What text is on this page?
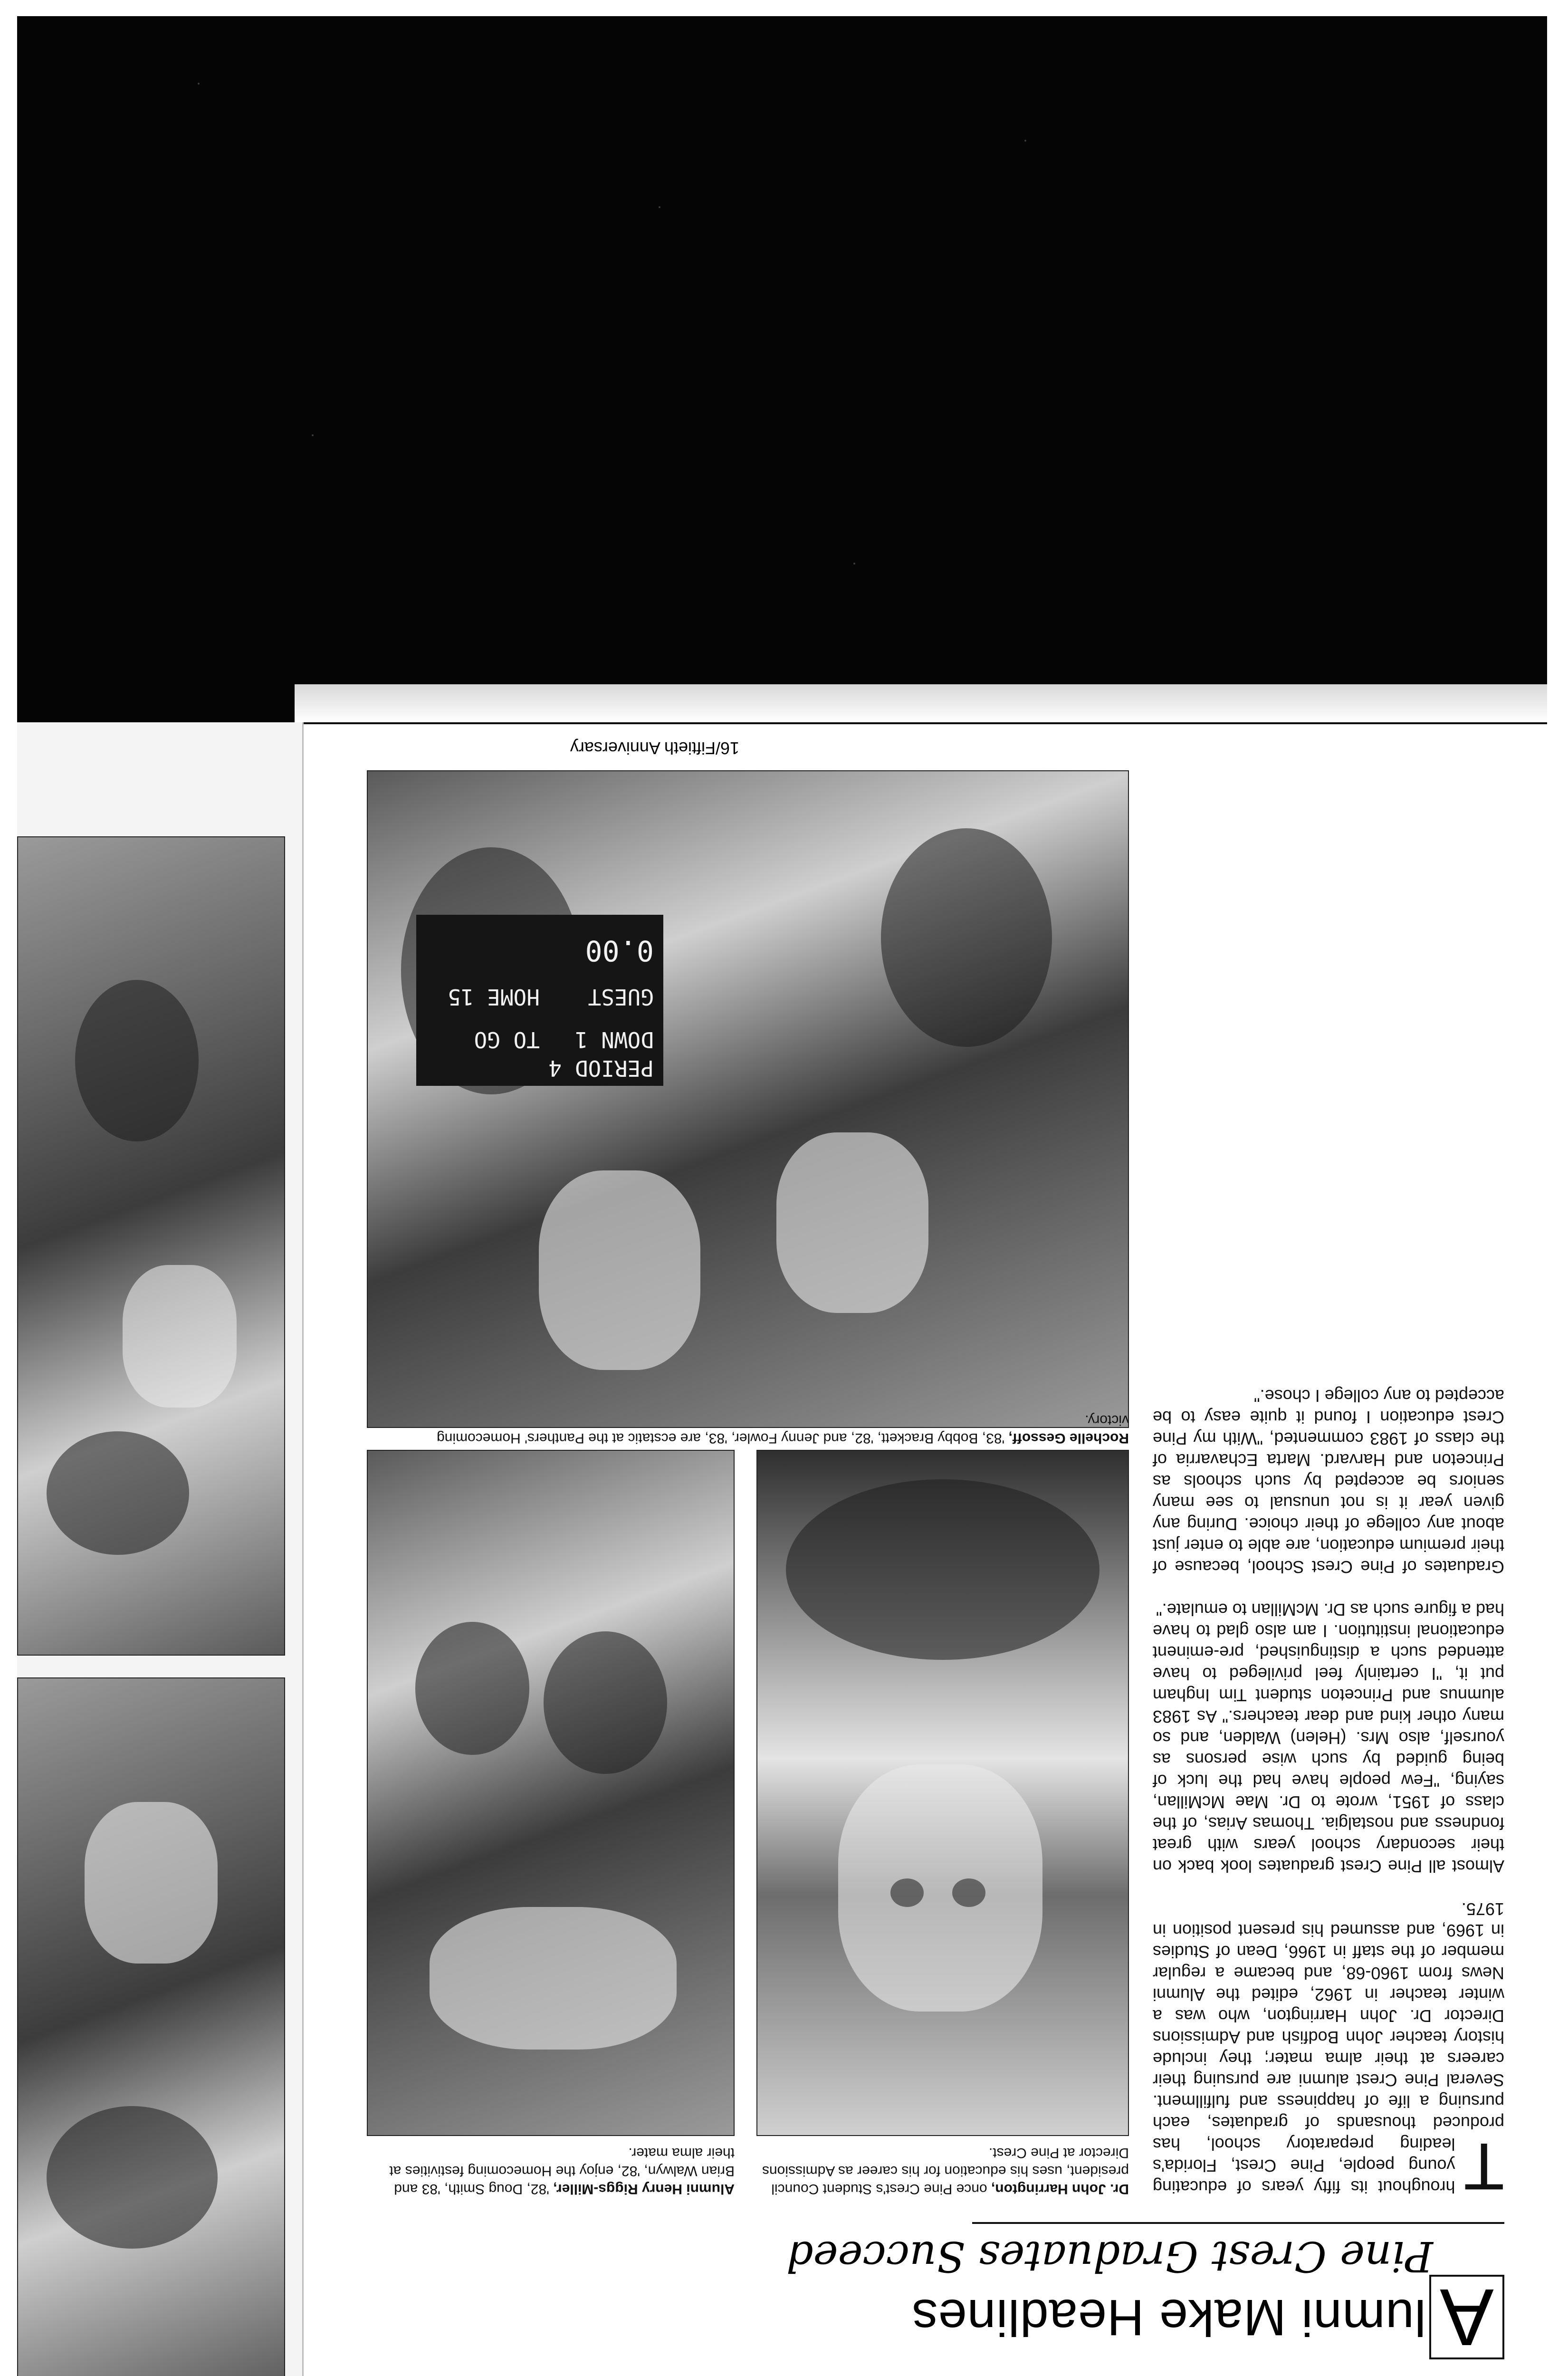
A
lumni Make Headlines
Pine Crest Graduates Succeed

T
hroughout its fifty years of educating young people, Pine Crest, Florida's leading preparatory school, has produced thousands of graduates, each pursuing a life of happiness and fulfillment. Several Pine Crest alumni are pursuing their careers at their alma mater; they include history teacher John Bodfish and Admissions Director Dr. John Harrington, who was a winter teacher in 1962, edited the Alumni News from 1960-68, and became a regular member of the staff in 1966, Dean of Studies in 1969, and assumed his present position in 1975.

Almost all Pine Crest graduates look back on their secondary school years with great fondness and nostalgia. Thomas Arias, of the class of 1951, wrote to Dr. Mae McMillan, saying, "Few people have had the luck of being guided by such wise persons as yourself, also Mrs. (Helen) Walden, and so many other kind and dear teachers." As 1983 alumnus and Princeton student Tim Ingham put it, "I certainly feel privileged to have attended such a distinguished, pre-eminent educational institution. I am also glad to have had a figure such as Dr. McMillan to emulate."

Graduates of Pine Crest School, because of their premium education, are able to enter just about any college of their choice. During any given year it is not unusual to see many seniors be accepted by such schools as Princeton and Harvard. Marta Echavarria of the class of 1983 commented, "With my Pine Crest education I found it quite easy to be accepted to any college I chose."

Dr. John Harrington, once Pine Crest's Student Council president, uses his education for his career as Admissions Director at Pine Crest.
PERIOD 4
DOWN 1
TO GO
GUEST
HOME 15
0.00
Alumni Henry Riggs-Miller, '82, Doug Smith, '83 and Brian Walwyn, '82, enjoy the Homecoming festivities at their alma mater.
Rochelle Gessoff, '83, Bobby Brackett, '82, and Jenny Fowler, '83, are ecstatic at the Panthers' Homecoming victory.
16/Fiftieth Anniversary
